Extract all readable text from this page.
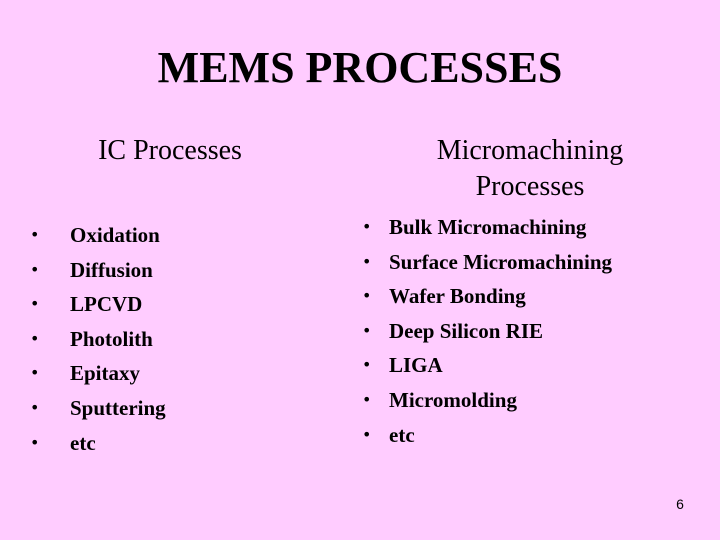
MEMS PROCESSES
IC Processes	Micromachining Processes
• Oxidation
• Diffusion
• LPCVD
• Photolith
• Epitaxy
• Sputtering
• etc
• Bulk Micromachining
• Surface Micromachining
• Wafer Bonding
• Deep Silicon RIE
• LIGA
• Micromolding
• etc
6
